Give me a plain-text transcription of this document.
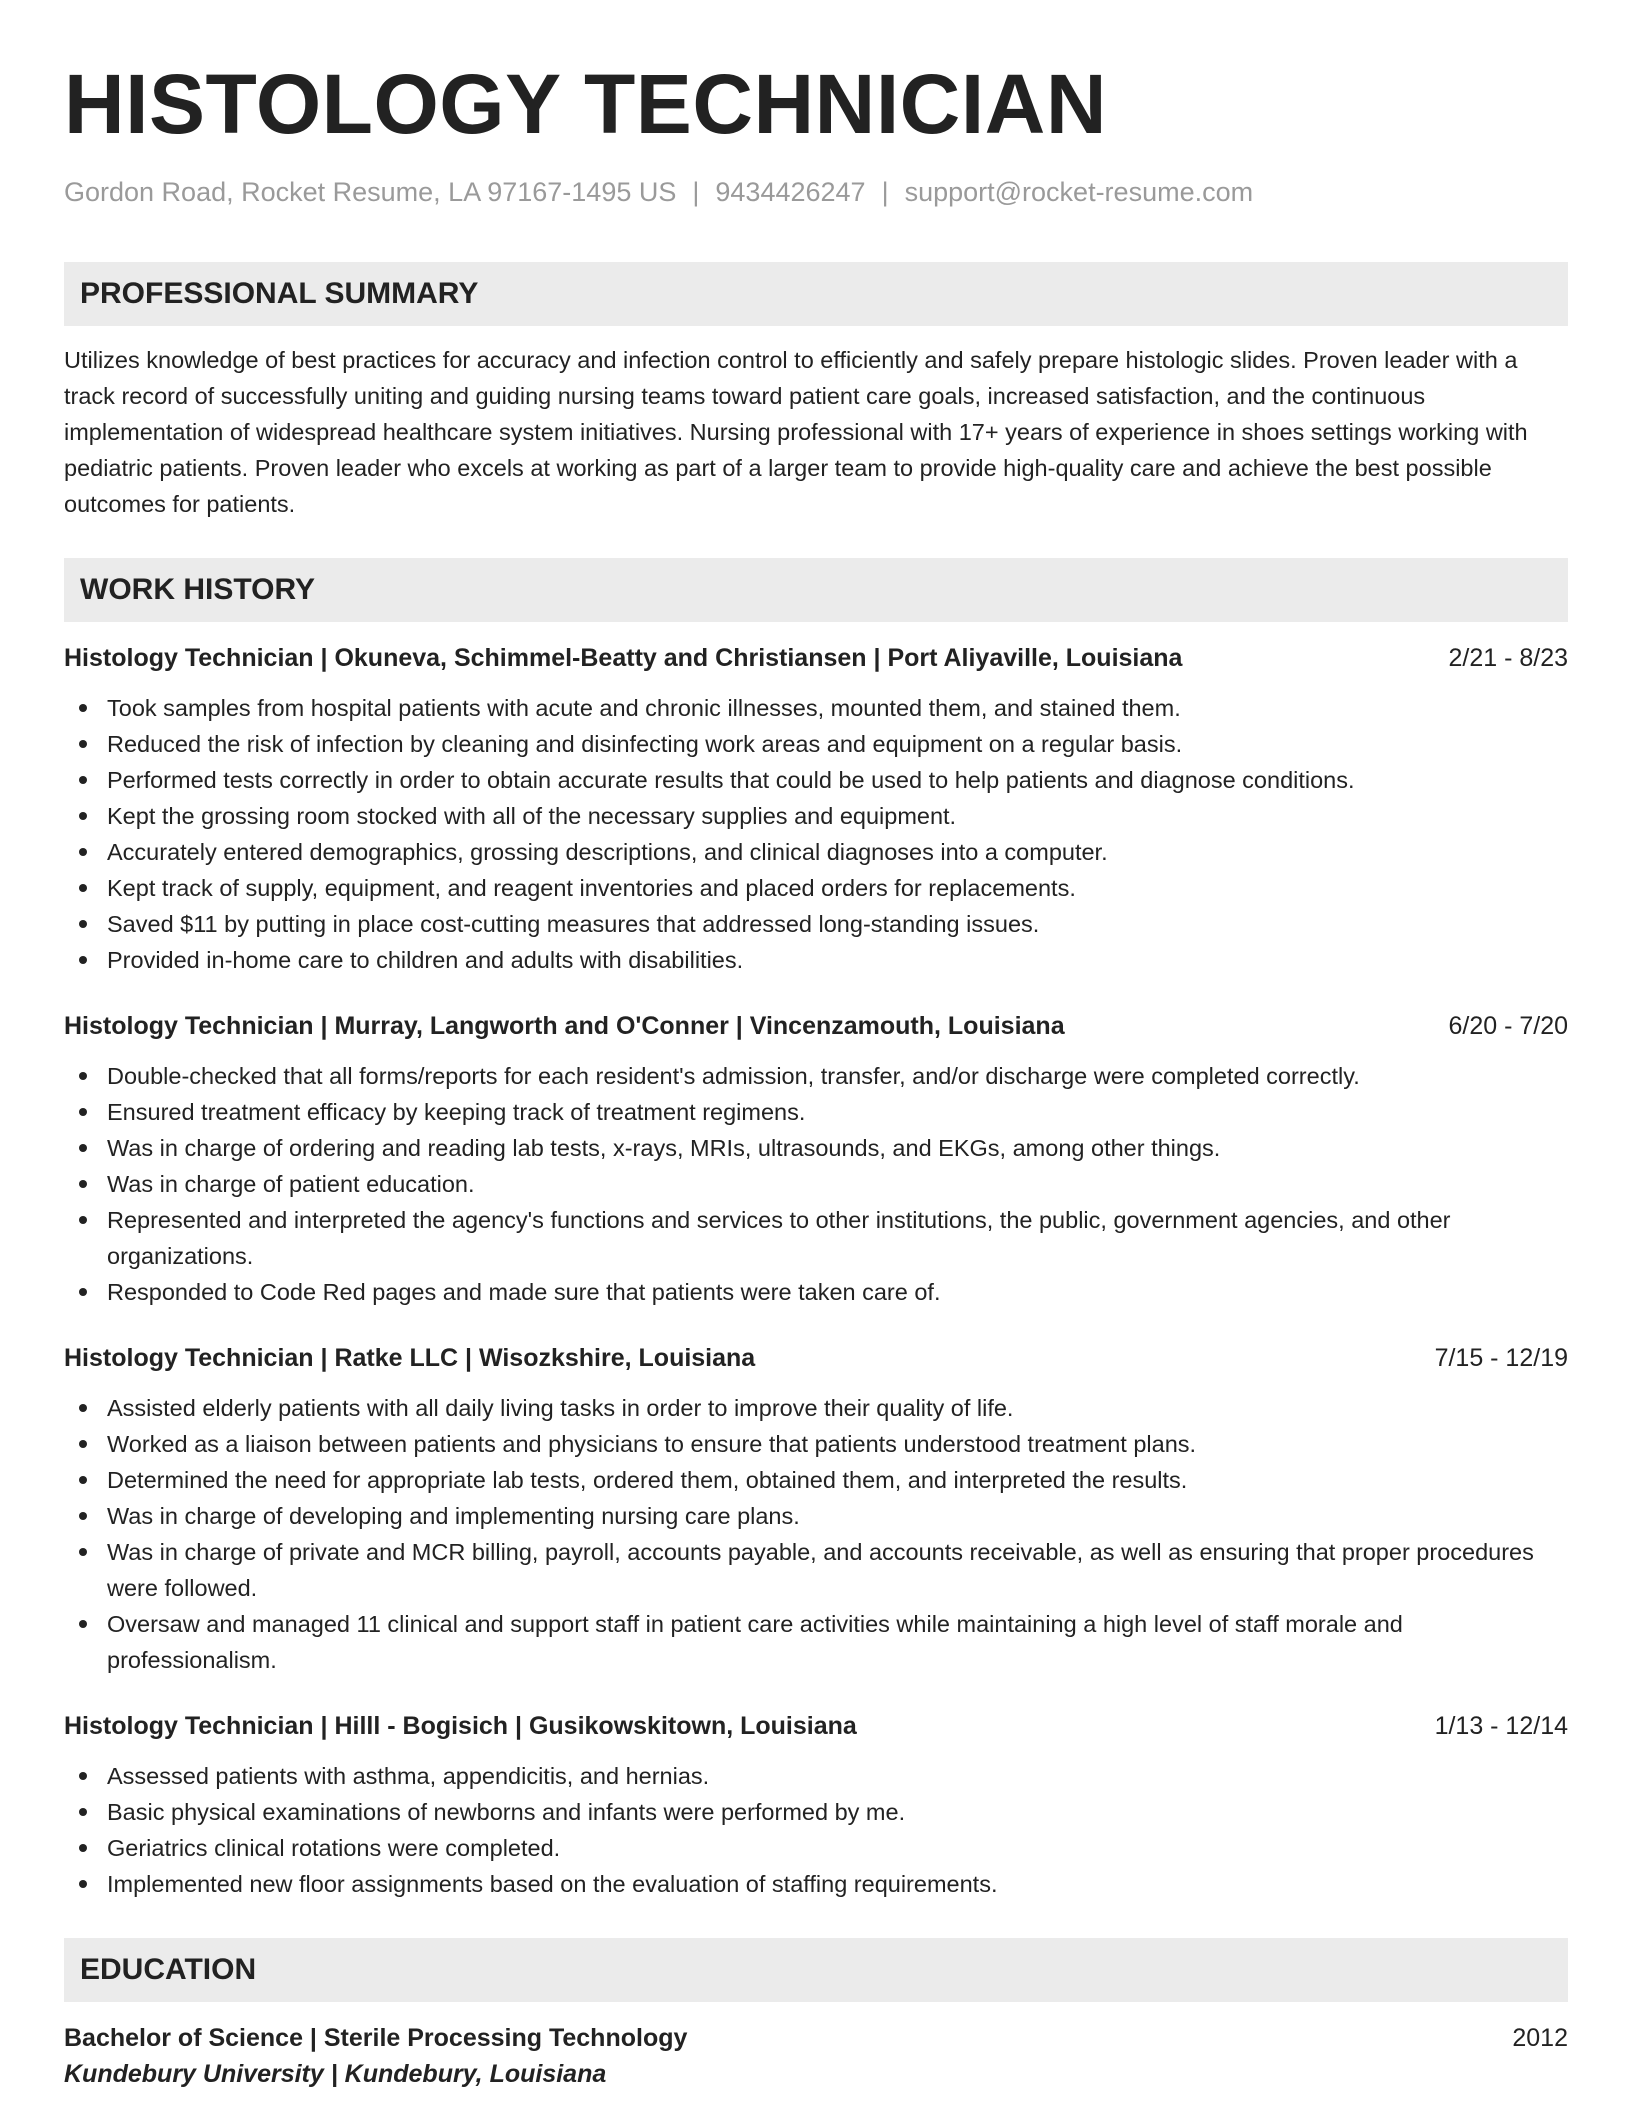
HISTOLOGY TECHNICIAN
Gordon Road, Rocket Resume, LA 97167-1495 US | 9434426247 | support@rocket-resume.com
PROFESSIONAL SUMMARY
Utilizes knowledge of best practices for accuracy and infection control to efficiently and safely prepare histologic slides. Proven leader with a track record of successfully uniting and guiding nursing teams toward patient care goals, increased satisfaction, and the continuous implementation of widespread healthcare system initiatives. Nursing professional with 17+ years of experience in shoes settings working with pediatric patients. Proven leader who excels at working as part of a larger team to provide high-quality care and achieve the best possible outcomes for patients.
WORK HISTORY
Histology Technician | Okuneva, Schimmel-Beatty and Christiansen | Port Aliyaville, Louisiana	2/21 - 8/23
Took samples from hospital patients with acute and chronic illnesses, mounted them, and stained them.
Reduced the risk of infection by cleaning and disinfecting work areas and equipment on a regular basis.
Performed tests correctly in order to obtain accurate results that could be used to help patients and diagnose conditions.
Kept the grossing room stocked with all of the necessary supplies and equipment.
Accurately entered demographics, grossing descriptions, and clinical diagnoses into a computer.
Kept track of supply, equipment, and reagent inventories and placed orders for replacements.
Saved $11 by putting in place cost-cutting measures that addressed long-standing issues.
Provided in-home care to children and adults with disabilities.
Histology Technician | Murray, Langworth and O'Conner | Vincenzamouth, Louisiana	6/20 - 7/20
Double-checked that all forms/reports for each resident's admission, transfer, and/or discharge were completed correctly.
Ensured treatment efficacy by keeping track of treatment regimens.
Was in charge of ordering and reading lab tests, x-rays, MRIs, ultrasounds, and EKGs, among other things.
Was in charge of patient education.
Represented and interpreted the agency's functions and services to other institutions, the public, government agencies, and other organizations.
Responded to Code Red pages and made sure that patients were taken care of.
Histology Technician | Ratke LLC | Wisozkshire, Louisiana	7/15 - 12/19
Assisted elderly patients with all daily living tasks in order to improve their quality of life.
Worked as a liaison between patients and physicians to ensure that patients understood treatment plans.
Determined the need for appropriate lab tests, ordered them, obtained them, and interpreted the results.
Was in charge of developing and implementing nursing care plans.
Was in charge of private and MCR billing, payroll, accounts payable, and accounts receivable, as well as ensuring that proper procedures were followed.
Oversaw and managed 11 clinical and support staff in patient care activities while maintaining a high level of staff morale and professionalism.
Histology Technician | Hilll - Bogisich | Gusikowskitown, Louisiana	1/13 - 12/14
Assessed patients with asthma, appendicitis, and hernias.
Basic physical examinations of newborns and infants were performed by me.
Geriatrics clinical rotations were completed.
Implemented new floor assignments based on the evaluation of staffing requirements.
EDUCATION
Bachelor of Science | Sterile Processing Technology	2012
Kundebury University | Kundebury, Louisiana
